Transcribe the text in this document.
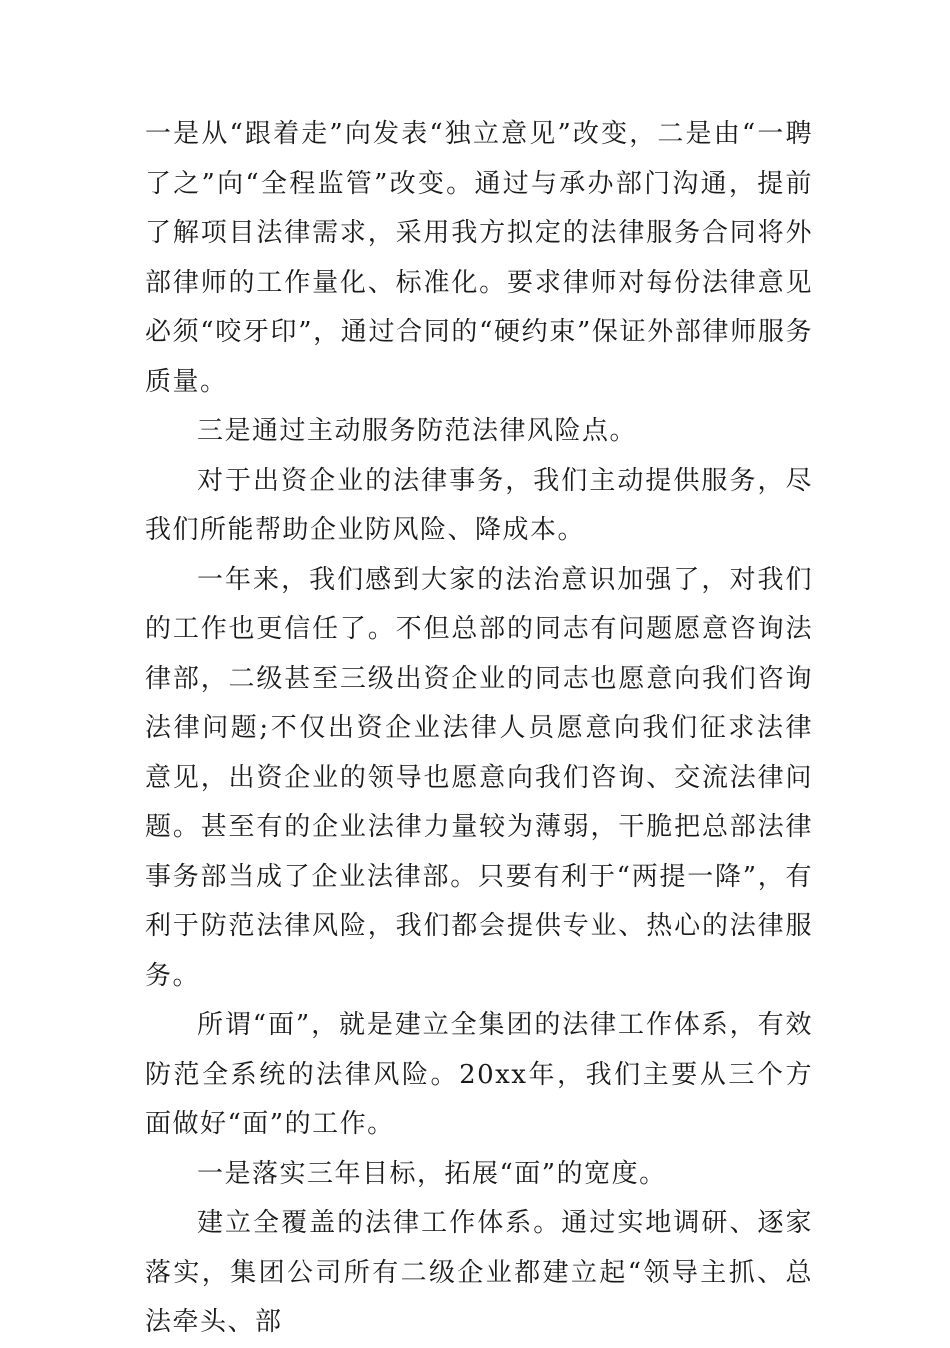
一是从“跟着走”向发表“独立意见”改变，二是由“一聘了之”向“全程监管”改变。通过与承办部门沟通，提前了解项目法律需求，采用我方拟定的法律服务合同将外部律师的工作量化、标准化。要求律师对每份法律意见必须“咬牙印”，通过合同的“硬约束”保证外部律师服务质量。

三是通过主动服务防范法律风险点。

对于出资企业的法律事务，我们主动提供服务，尽我们所能帮助企业防风险、降成本。

一年来，我们感到大家的法治意识加强了，对我们的工作也更信任了。不但总部的同志有问题愿意咨询法律部，二级甚至三级出资企业的同志也愿意向我们咨询法律问题;不仅出资企业法律人员愿意向我们征求法律意见，出资企业的领导也愿意向我们咨询、交流法律问题。甚至有的企业法律力量较为薄弱，干脆把总部法律事务部当成了企业法律部。只要有利于“两提一降”，有利于防范法律风险，我们都会提供专业、热心的法律服务。

所谓“面”，就是建立全集团的法律工作体系，有效防范全系统的法律风险。20xx年，我们主要从三个方面做好“面”的工作。

一是落实三年目标，拓展“面”的宽度。

建立全覆盖的法律工作体系。通过实地调研、逐家落实，集团公司所有二级企业都建立起“领导主抓、总法牵头、部
